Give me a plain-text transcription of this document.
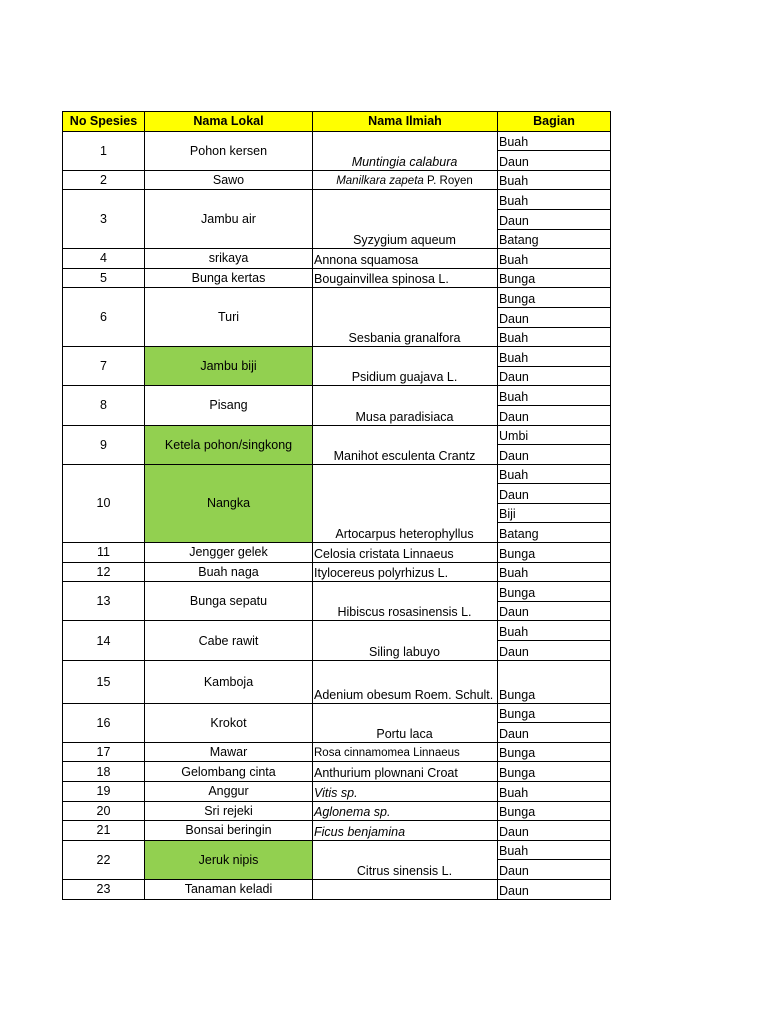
No Spesies	Nama Lokal	Nama Ilmiah	Bagian
1	Pohon kersen	Muntingia calabura	Buah
			Daun
2	Sawo	Manilkara zapeta P. Royen	Buah
3	Jambu air	Syzygium aqueum	Buah
			Daun
			Batang
4	srikaya	Annona squamosa	Buah
5	Bunga kertas	Bougainvillea spinosa L.	Bunga
6	Turi	Sesbania granalfora	Bunga
			Daun
			Buah
7	Jambu biji	Psidium guajava L.	Buah
			Daun
8	Pisang	Musa paradisiaca	Buah
			Daun
9	Ketela pohon/singkong	Manihot esculenta Crantz	Umbi
			Daun
10	Nangka	Artocarpus heterophyllus	Buah
			Daun
			Biji
			Batang
11	Jengger gelek	Celosia cristata Linnaeus	Bunga
12	Buah naga	Itylocereus polyrhizus L.	Buah
13	Bunga sepatu	Hibiscus rosasinensis L.	Bunga
			Daun
14	Cabe rawit	Siling labuyo	Buah
			Daun
15	Kamboja	Adenium obesum Roem. Schult.	Bunga
16	Krokot	Portu laca	Bunga
			Daun
17	Mawar	Rosa cinnamomea Linnaeus	Bunga
18	Gelombang cinta	Anthurium plownani Croat	Bunga
19	Anggur	Vitis sp.	Buah
20	Sri rejeki	Aglonema sp.	Bunga
21	Bonsai beringin	Ficus benjamina	Daun
22	Jeruk nipis	Citrus sinensis L.	Buah
			Daun
23	Tanaman keladi		Daun
